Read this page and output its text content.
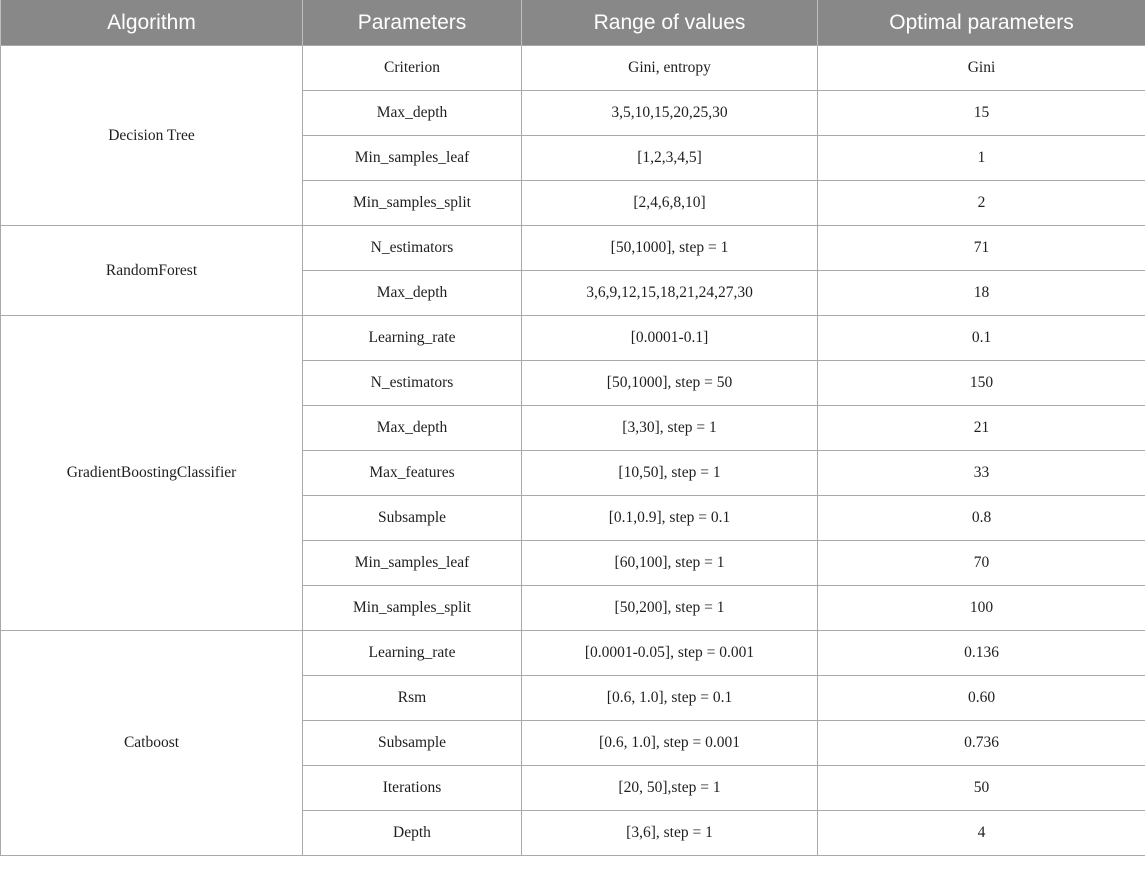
Algorithm	Parameters	Range of values	Optimal parameters
Decision Tree	Criterion	Gini, entropy	Gini
	Max_depth	3,5,10,15,20,25,30	15
	Min_samples_leaf	[1,2,3,4,5]	1
	Min_samples_split	[2,4,6,8,10]	2
RandomForest	N_estimators	[50,1000], step = 1	71
	Max_depth	3,6,9,12,15,18,21,24,27,30	18
GradientBoostingClassifier	Learning_rate	[0.0001-0.1]	0.1
	N_estimators	[50,1000], step = 50	150
	Max_depth	[3,30], step = 1	21
	Max_features	[10,50], step = 1	33
	Subsample	[0.1,0.9], step = 0.1	0.8
	Min_samples_leaf	[60,100], step = 1	70
	Min_samples_split	[50,200], step = 1	100
Catboost	Learning_rate	[0.0001-0.05], step = 0.001	0.136
	Rsm	[0.6, 1.0], step = 0.1	0.60
	Subsample	[0.6, 1.0], step = 0.001	0.736
	Iterations	[20, 50],step = 1	50
	Depth	[3,6], step = 1	4
